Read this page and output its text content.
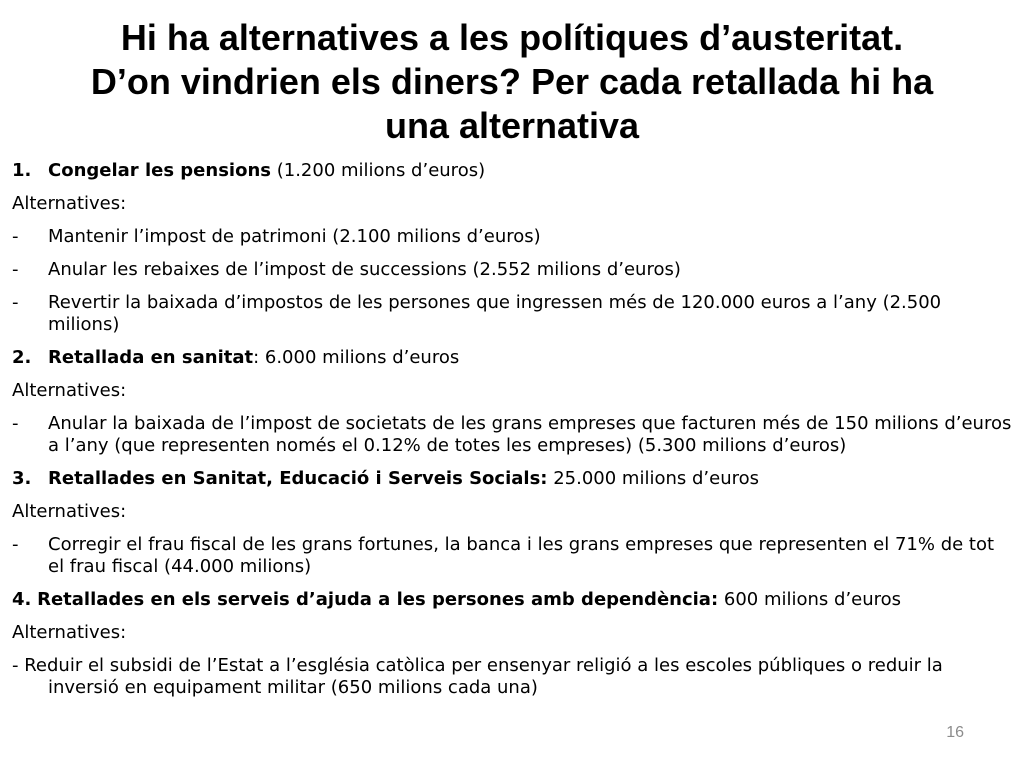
Hi ha alternatives a les polítiques d’austeritat.
D’on vindrien els diners? Per cada retallada hi ha
una alternativa
1. Congelar les pensions (1.200 milions d’euros)
Alternatives:
-	Mantenir l’impost de patrimoni (2.100 milions d’euros)
-	Anular les rebaixes de l’impost de successions (2.552 milions d’euros)
-	Revertir la baixada d’impostos de les persones que ingressen més de 120.000 euros a l’any (2.500 milions)
2. Retallada en sanitat: 6.000 milions d’euros
Alternatives:
-	Anular la baixada de l’impost de societats de les grans empreses que facturen més de 150 milions d’euros a l’any (que representen només el 0.12% de totes les empreses) (5.300 milions d’euros)
3. Retallades en Sanitat, Educació i Serveis Socials: 25.000 milions d’euros
Alternatives:
-	Corregir el frau fiscal de les grans fortunes, la banca i les grans empreses que representen el 71% de tot el frau fiscal (44.000 milions)
4. Retallades en els serveis d’ajuda a les persones amb dependència: 600 milions d’euros
Alternatives:
- Reduir el subsidi de l’Estat a l’església catòlica per ensenyar religió a les escoles públiques o reduir la inversió en equipament militar (650 milions cada una)
16
